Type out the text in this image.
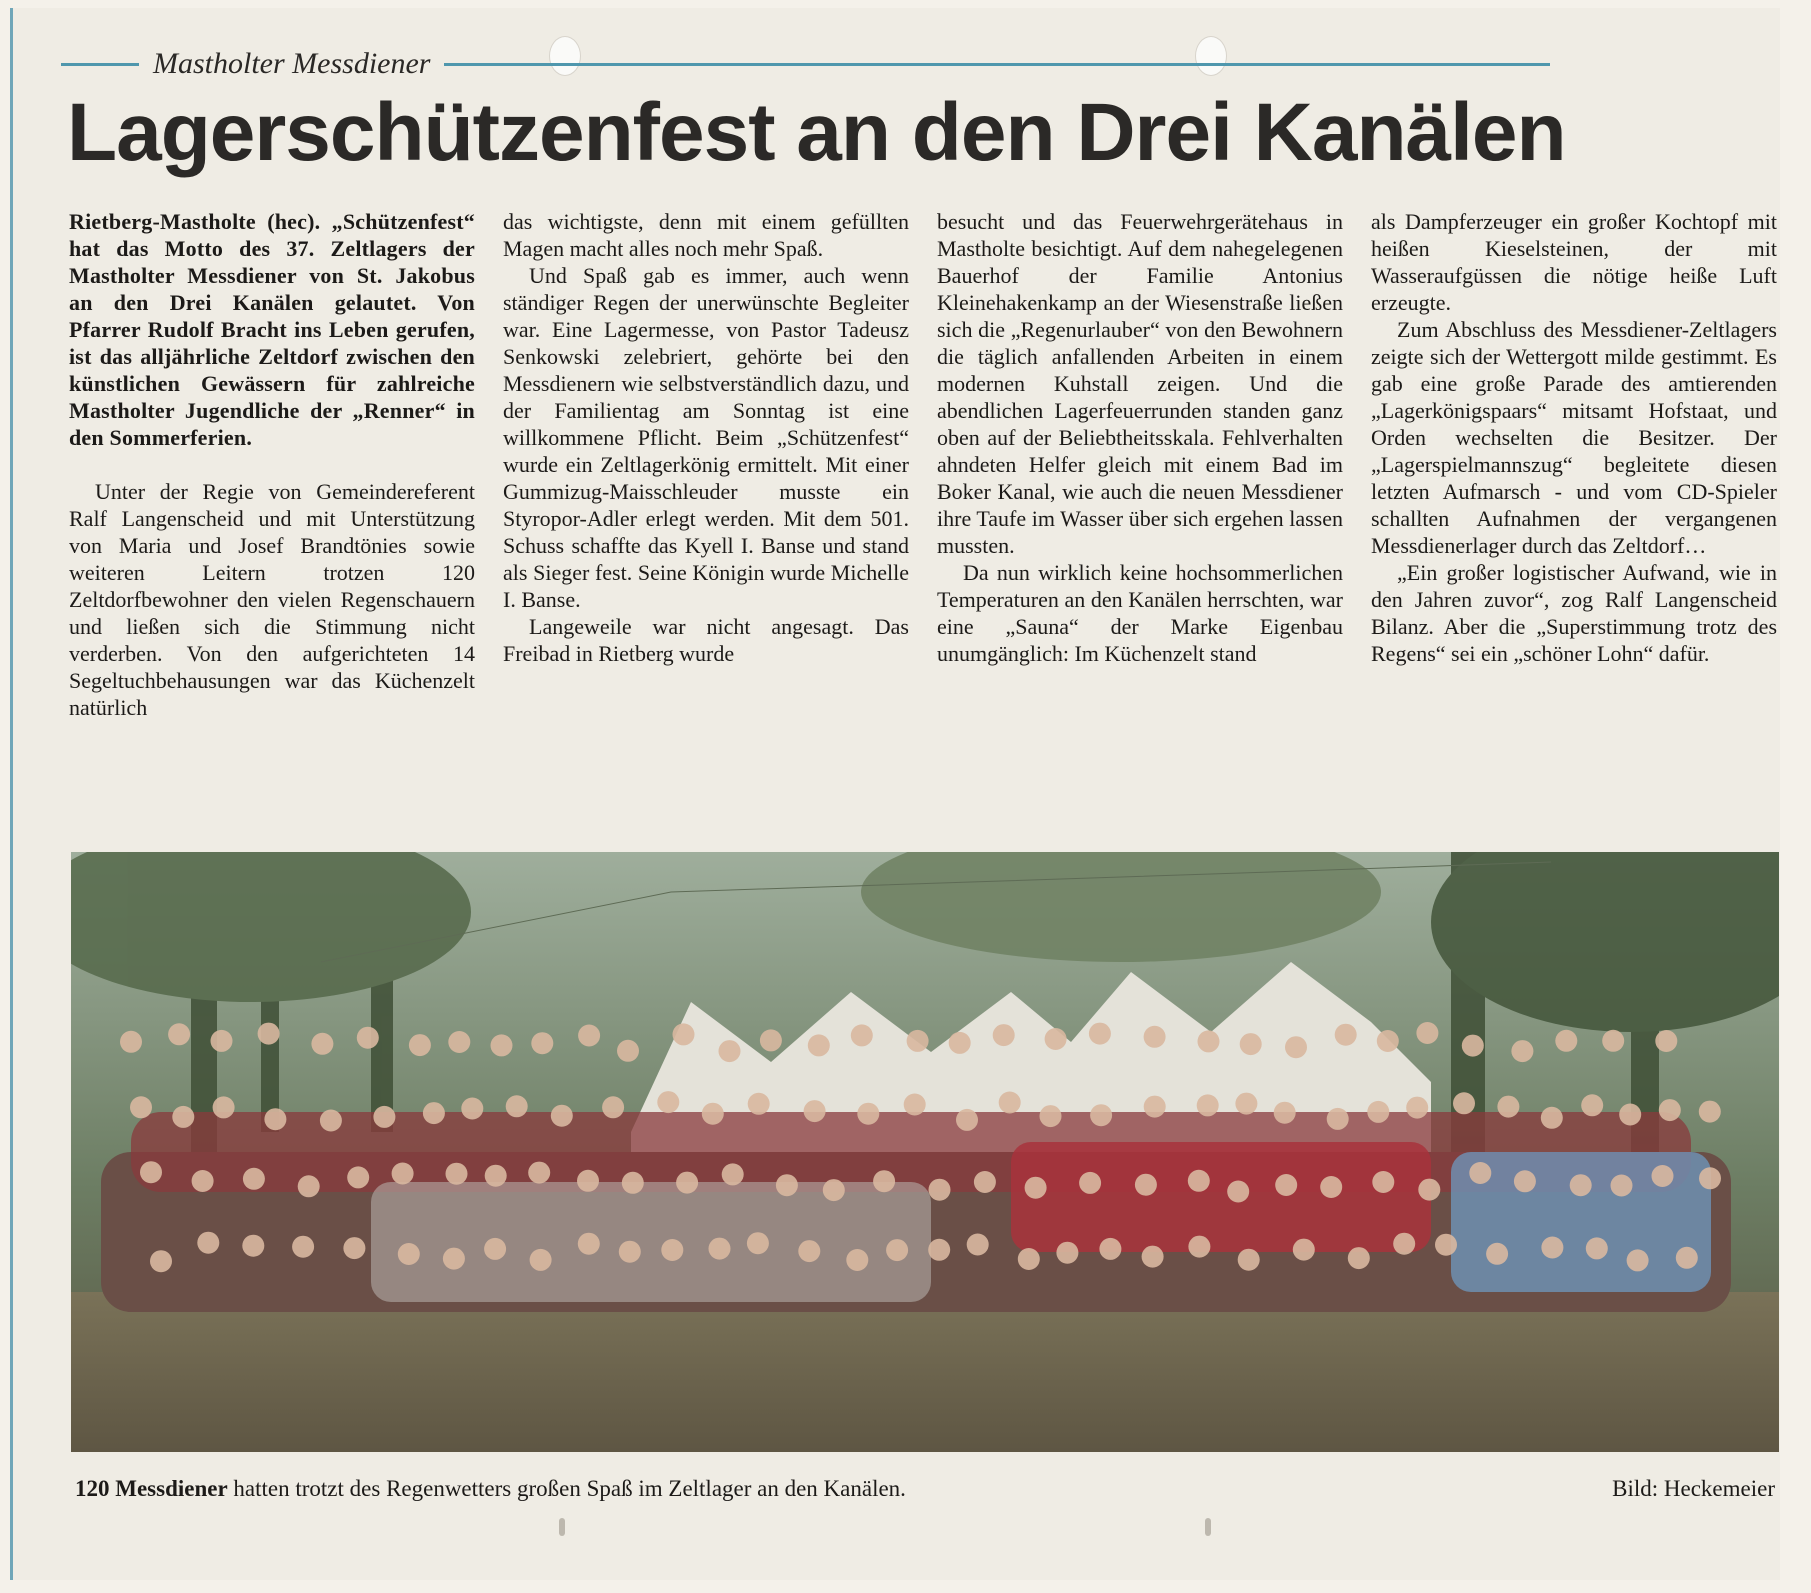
Mastholter Messdiener
Lagerschützenfest an den Drei Kanälen

Rietberg-Mastholte (hec). „Schützenfest“ hat das Motto des 37. Zeltlagers der Mastholter Messdiener von St. Jakobus an den Drei Kanälen gelautet. Von Pfarrer Rudolf Bracht ins Leben gerufen, ist das alljährliche Zeltdorf zwischen den künstlichen Gewässern für zahlreiche Mastholter Jugendliche der „Renner“ in den Sommerferien.

Unter der Regie von Gemeindereferent Ralf Langenscheid und mit Unterstützung von Maria und Josef Brandtönies sowie weiteren Leitern trotzen 120 Zeltdorfbewohner den vielen Regenschauern und ließen sich die Stimmung nicht verderben. Von den aufgerichteten 14 Segeltuchbehausungen war das Küchenzelt natürlich

das wichtigste, denn mit einem gefüllten Magen macht alles noch mehr Spaß.

Und Spaß gab es immer, auch wenn ständiger Regen der unerwünschte Begleiter war. Eine Lagermesse, von Pastor Tadeusz Senkowski zelebriert, gehörte bei den Messdienern wie selbstverständlich dazu, und der Familientag am Sonntag ist eine willkommene Pflicht. Beim „Schützenfest“ wurde ein Zeltlagerkönig ermittelt. Mit einer Gummizug-Maisschleuder musste ein Styropor-Adler erlegt werden. Mit dem 501. Schuss schaffte das Kyell I. Banse und stand als Sieger fest. Seine Königin wurde Michelle I. Banse.

Langeweile war nicht angesagt. Das Freibad in Rietberg wurde

besucht und das Feuerwehrgerätehaus in Mastholte besichtigt. Auf dem nahegelegenen Bauerhof der Familie Antonius Kleinehakenkamp an der Wiesenstraße ließen sich die „Regenurlauber“ von den Bewohnern die täglich anfallenden Arbeiten in einem modernen Kuhstall zeigen. Und die abendlichen Lagerfeuerrunden standen ganz oben auf der Beliebtheitsskala. Fehlverhalten ahndeten Helfer gleich mit einem Bad im Boker Kanal, wie auch die neuen Messdiener ihre Taufe im Wasser über sich ergehen lassen mussten.

Da nun wirklich keine hochsommerlichen Temperaturen an den Kanälen herrschten, war eine „Sauna“ der Marke Eigenbau unumgänglich: Im Küchenzelt stand

als Dampferzeuger ein großer Kochtopf mit heißen Kieselsteinen, der mit Wasseraufgüssen die nötige heiße Luft erzeugte.

Zum Abschluss des Messdiener-Zeltlagers zeigte sich der Wettergott milde gestimmt. Es gab eine große Parade des amtierenden „Lagerkönigspaars“ mitsamt Hofstaat, und Orden wechselten die Besitzer. Der „Lagerspielmannszug“ begleitete diesen letzten Aufmarsch - und vom CD-Spieler schallten Aufnahmen der vergangenen Messdienerlager durch das Zeltdorf…

„Ein großer logistischer Aufwand, wie in den Jahren zuvor“, zog Ralf Langenscheid Bilanz. Aber die „Superstimmung trotz des Regens“ sei ein „schöner Lohn“ dafür.

120 Messdiener hatten trotzt des Regenwetters großen Spaß im Zeltlager an den Kanälen.	Bild: Heckemeier
